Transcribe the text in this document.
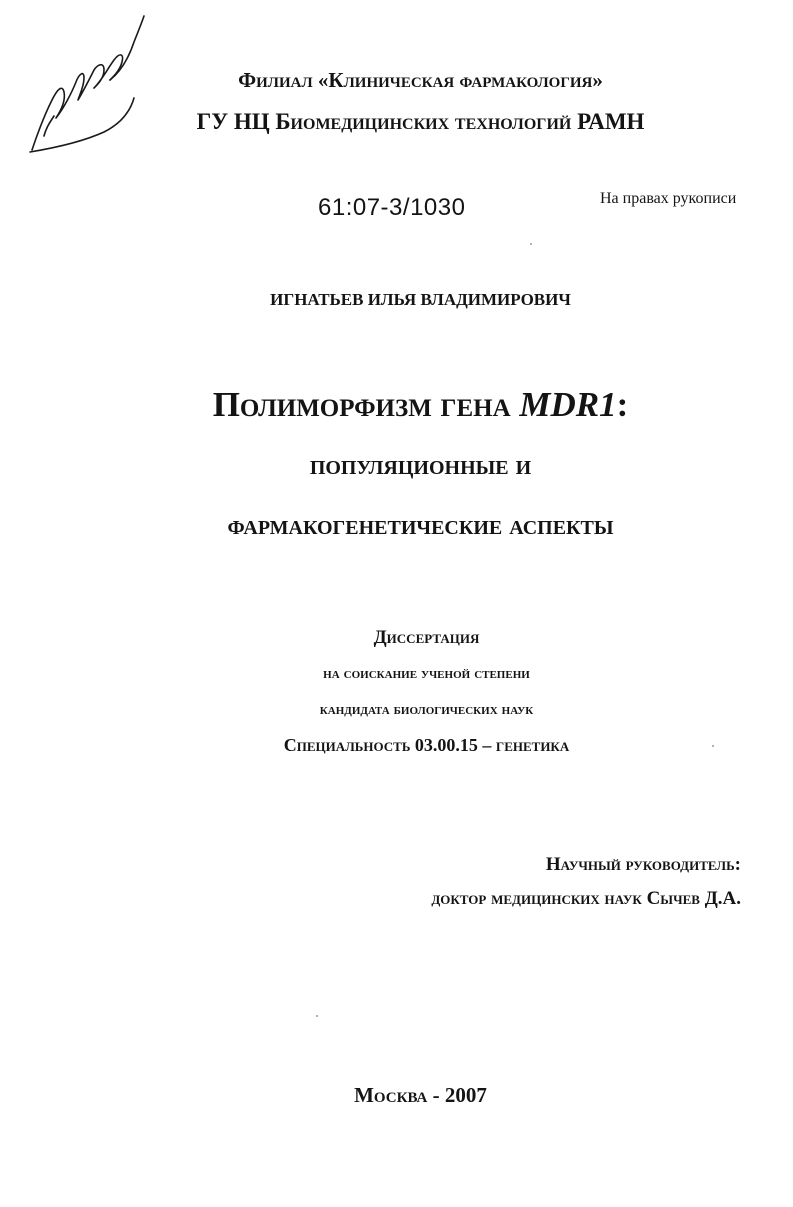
Филиал «Клиническая фармакология»
ГУ НЦ Биомедицинских технологий РАМН
61:07-3/1030	На правах рукописи
ИГНАТЬЕВ ИЛЬЯ ВЛАДИМИРОВИЧ
Полиморфизм гена MDR1:
популяционные и
фармакогенетические аспекты
Диссертация
на соискание ученой степени
кандидата биологических наук
Специальность 03.00.15 – генетика
Научный руководитель:
доктор медицинских наук Сычев Д.А.
Москва - 2007
